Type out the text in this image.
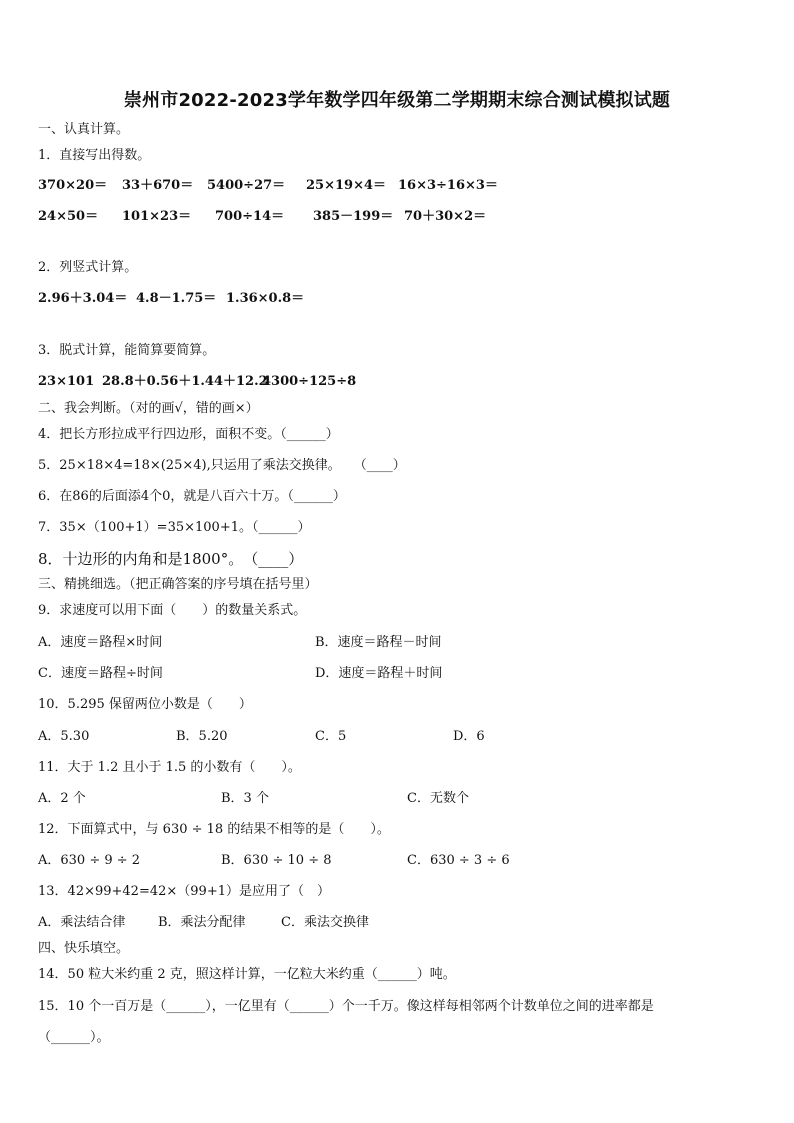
崇州市2022-2023学年数学四年级第二学期期末综合测试模拟试题
一、认真计算。
1．直接写出得数。
370×20＝ 33＋670＝ 5400÷27＝ 25×19×4＝ 16×3÷16×3＝
24×50＝ 101×23＝ 700÷14＝ 385－199＝ 70＋30×2＝
2．列竖式计算。
2.96＋3.04＝ 4.8－1.75＝ 1.36×0.8＝
3．脱式计算，能简算要简算。
23×101 28.8＋0.56＋1.44＋12.2
4300÷125÷8
二、我会判断。（对的画√，错的画×）
4．把长方形拉成平行四边形，面积不变。（______）
5．25×18×4=18×(25×4),只运用了乘法交换律。　　（____）
6．在86的后面添4个0，就是八百六十万。（______）
7．35×（100+1）=35×100+1。（______）
8．十边形的内角和是1800°。　（____）
三、精挑细选。（把正确答案的序号填在括号里）
9．求速度可以用下面（　　）的数量关系式。
A．速度＝路程×时间	B．速度＝路程－时间
C．速度＝路程÷时间	D．速度＝路程＋时间
10．5.295 保留两位小数是（　　）
A．5.30	B．5.20	C．5	D．6
11．大于 1.2 且小于 1.5 的小数有（　　）。
A．2 个	B．3 个	C．无数个
12．下面算式中，与 630 ÷ 18 的结果不相等的是（　　）。
A．630 ÷ 9 ÷ 2	B．630 ÷ 10 ÷ 8	C．630 ÷ 3 ÷ 6
13．42×99+42=42×（99+1）是应用了（　）
A．乘法结合律	B．乘法分配律	C．乘法交换律
四、快乐填空。
14．50 粒大米约重 2 克，照这样计算，一亿粒大米约重（______）吨。
15．10 个一百万是（______），一亿里有（______）个一千万。像这样每相邻两个计数单位之间的进率都是
（______）。
